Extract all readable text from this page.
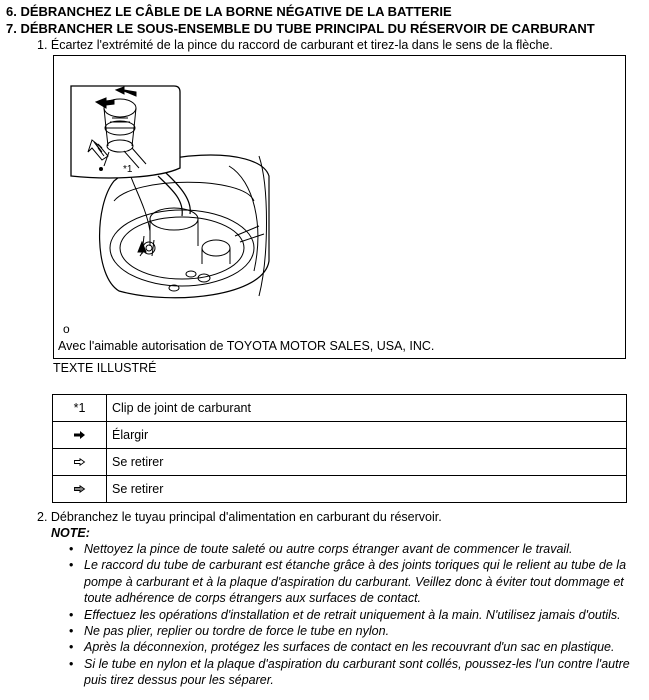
6. DÉBRANCHEZ LE CÂBLE DE LA BORNE NÉGATIVE DE LA BATTERIE
7. DÉBRANCHER LE SOUS-ENSEMBLE DU TUBE PRINCIPAL DU RÉSERVOIR DE CARBURANT
1. Écartez l'extrémité de la pince du raccord de carburant et tirez-la dans le sens de la flèche.
*1
o
Avec l'aimable autorisation de TOYOTA MOTOR SALES, USA, INC.
TEXTE ILLUSTRÉ
*1	Clip de joint de carburant
	Élargir
	Se retirer
	Se retirer
2. Débranchez le tuyau principal d'alimentation en carburant du réservoir.
NOTE:
• Nettoyez la pince de toute saleté ou autre corps étranger avant de commencer le travail.
• Le raccord du tube de carburant est étanche grâce à des joints toriques qui le relient au tube de la pompe à carburant et à la plaque d'aspiration du carburant. Veillez donc à éviter tout dommage et toute adhérence de corps étrangers aux surfaces de contact.
• Effectuez les opérations d'installation et de retrait uniquement à la main. N'utilisez jamais d'outils.
• Ne pas plier, replier ou tordre de force le tube en nylon.
• Après la déconnexion, protégez les surfaces de contact en les recouvrant d'un sac en plastique.
• Si le tube en nylon et la plaque d'aspiration du carburant sont collés, poussez-les l'un contre l'autre puis tirez dessus pour les séparer.
